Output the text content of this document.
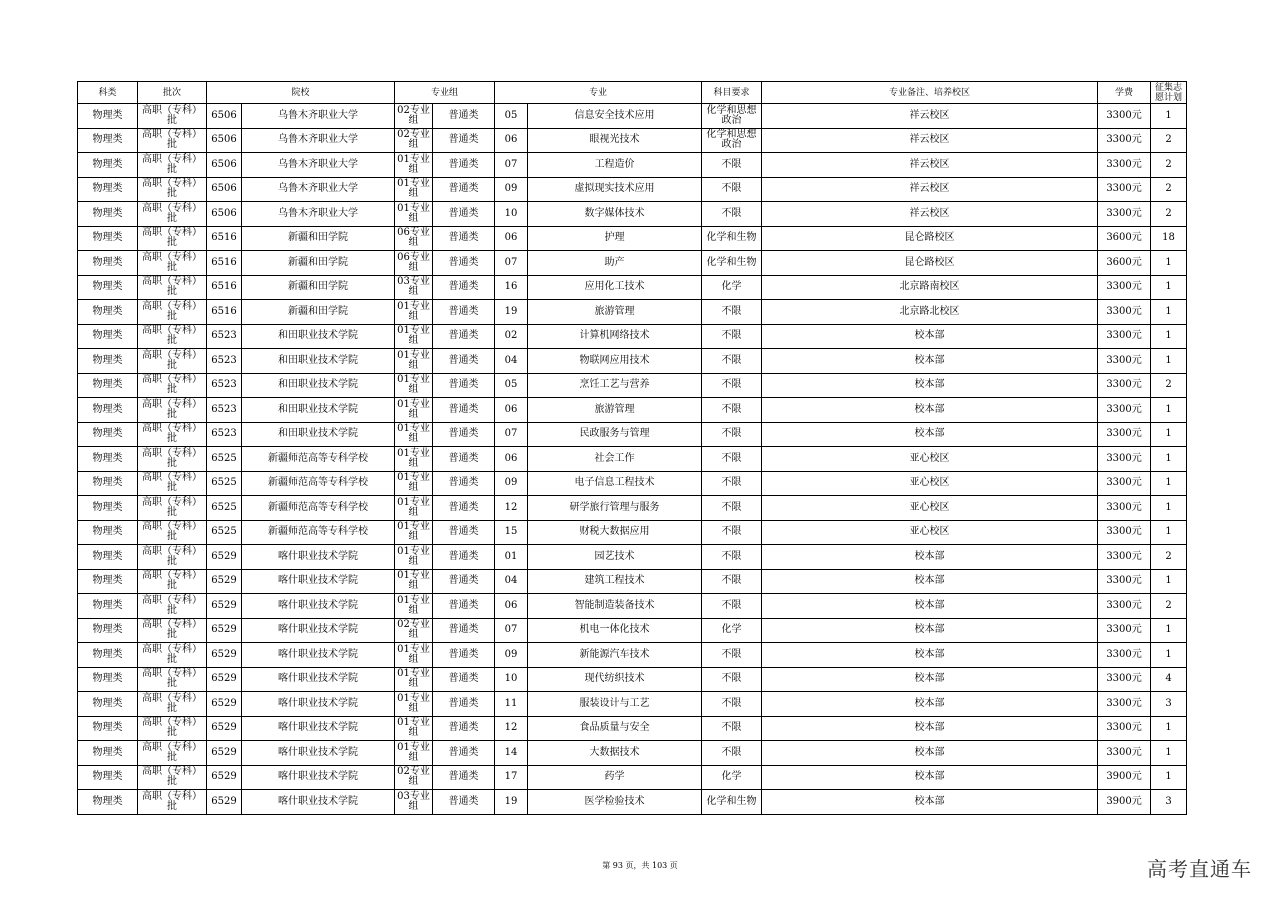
科类	批次	院校		专业组		专业		科目要求	专业备注、培养校区	学费	征集志愿计划
物理类	高职（专科）批	6506	乌鲁木齐职业大学	02专业组	普通类	05	信息安全技术应用	化学和思想政治	祥云校区	3300元	1
物理类	高职（专科）批	6506	乌鲁木齐职业大学	02专业组	普通类	06	眼视光技术	化学和思想政治	祥云校区	3300元	2
物理类	高职（专科）批	6506	乌鲁木齐职业大学	01专业组	普通类	07	工程造价	不限	祥云校区	3300元	2
物理类	高职（专科）批	6506	乌鲁木齐职业大学	01专业组	普通类	09	虚拟现实技术应用	不限	祥云校区	3300元	2
物理类	高职（专科）批	6506	乌鲁木齐职业大学	01专业组	普通类	10	数字媒体技术	不限	祥云校区	3300元	2
物理类	高职（专科）批	6516	新疆和田学院	06专业组	普通类	06	护理	化学和生物	昆仑路校区	3600元	18
物理类	高职（专科）批	6516	新疆和田学院	06专业组	普通类	07	助产	化学和生物	昆仑路校区	3600元	1
物理类	高职（专科）批	6516	新疆和田学院	03专业组	普通类	16	应用化工技术	化学	北京路南校区	3300元	1
物理类	高职（专科）批	6516	新疆和田学院	01专业组	普通类	19	旅游管理	不限	北京路北校区	3300元	1
物理类	高职（专科）批	6523	和田职业技术学院	01专业组	普通类	02	计算机网络技术	不限	校本部	3300元	1
物理类	高职（专科）批	6523	和田职业技术学院	01专业组	普通类	04	物联网应用技术	不限	校本部	3300元	1
物理类	高职（专科）批	6523	和田职业技术学院	01专业组	普通类	05	烹饪工艺与营养	不限	校本部	3300元	2
物理类	高职（专科）批	6523	和田职业技术学院	01专业组	普通类	06	旅游管理	不限	校本部	3300元	1
物理类	高职（专科）批	6523	和田职业技术学院	01专业组	普通类	07	民政服务与管理	不限	校本部	3300元	1
物理类	高职（专科）批	6525	新疆师范高等专科学校	01专业组	普通类	06	社会工作	不限	亚心校区	3300元	1
物理类	高职（专科）批	6525	新疆师范高等专科学校	01专业组	普通类	09	电子信息工程技术	不限	亚心校区	3300元	1
物理类	高职（专科）批	6525	新疆师范高等专科学校	01专业组	普通类	12	研学旅行管理与服务	不限	亚心校区	3300元	1
物理类	高职（专科）批	6525	新疆师范高等专科学校	01专业组	普通类	15	财税大数据应用	不限	亚心校区	3300元	1
物理类	高职（专科）批	6529	喀什职业技术学院	01专业组	普通类	01	园艺技术	不限	校本部	3300元	2
物理类	高职（专科）批	6529	喀什职业技术学院	01专业组	普通类	04	建筑工程技术	不限	校本部	3300元	1
物理类	高职（专科）批	6529	喀什职业技术学院	01专业组	普通类	06	智能制造装备技术	不限	校本部	3300元	2
物理类	高职（专科）批	6529	喀什职业技术学院	02专业组	普通类	07	机电一体化技术	化学	校本部	3300元	1
物理类	高职（专科）批	6529	喀什职业技术学院	01专业组	普通类	09	新能源汽车技术	不限	校本部	3300元	1
物理类	高职（专科）批	6529	喀什职业技术学院	01专业组	普通类	10	现代纺织技术	不限	校本部	3300元	4
物理类	高职（专科）批	6529	喀什职业技术学院	01专业组	普通类	11	服装设计与工艺	不限	校本部	3300元	3
物理类	高职（专科）批	6529	喀什职业技术学院	01专业组	普通类	12	食品质量与安全	不限	校本部	3300元	1
物理类	高职（专科）批	6529	喀什职业技术学院	01专业组	普通类	14	大数据技术	不限	校本部	3300元	1
物理类	高职（专科）批	6529	喀什职业技术学院	02专业组	普通类	17	药学	化学	校本部	3900元	1
物理类	高职（专科）批	6529	喀什职业技术学院	03专业组	普通类	19	医学检验技术	化学和生物	校本部	3900元	3
第 93 页，共 103 页	高考直通车
